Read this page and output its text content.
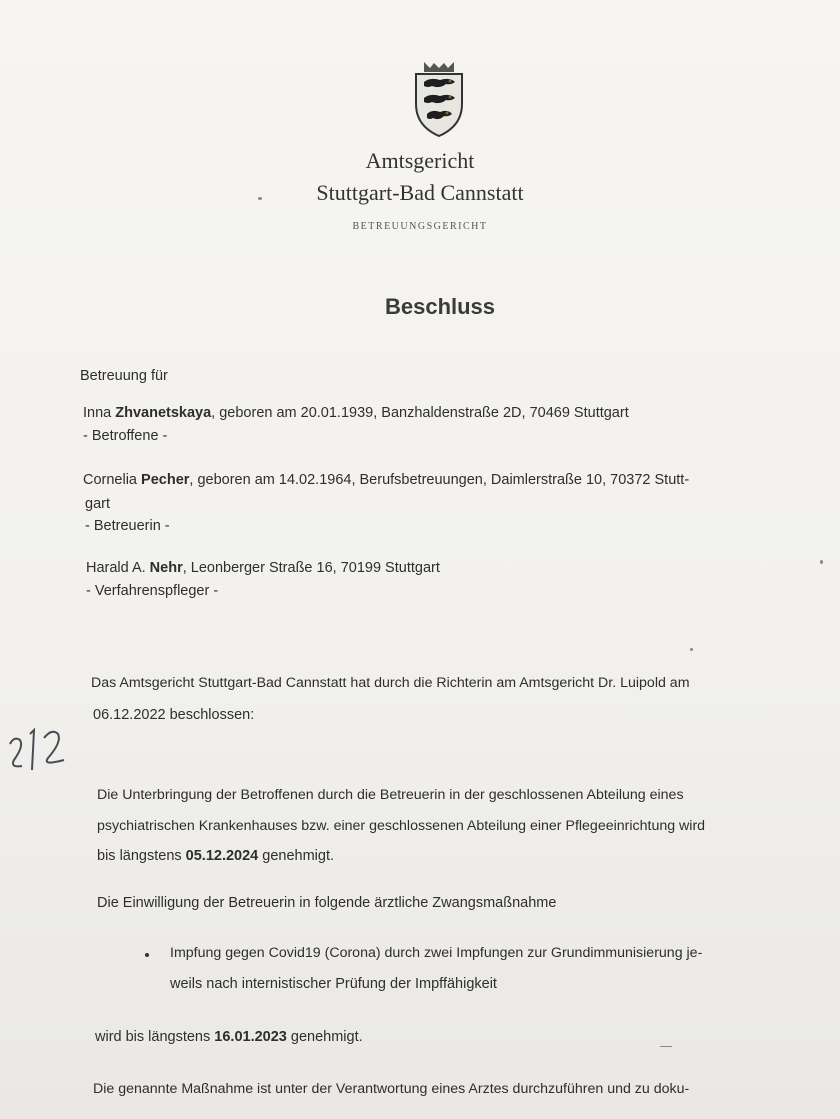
Amtsgericht
Stuttgart-Bad Cannstatt
BETREUUNGSGERICHT
Beschluss
Betreuung für
Inna Zhvanetskaya, geboren am 20.01.1939, Banzhaldenstraße 2D, 70469 Stuttgart
- Betroffene -
Cornelia Pecher, geboren am 14.02.1964, Berufsbetreuungen, Daimlerstraße 10, 70372 Stutt-
gart
- Betreuerin -
Harald A. Nehr, Leonberger Straße 16, 70199 Stuttgart
- Verfahrenspfleger -
Das Amtsgericht Stuttgart-Bad Cannstatt hat durch die Richterin am Amtsgericht Dr. Luipold am
06.12.2022 beschlossen:
Die Unterbringung der Betroffenen durch die Betreuerin in der geschlossenen Abteilung eines
psychiatrischen Krankenhauses bzw. einer geschlossenen Abteilung einer Pflegeeinrichtung wird
bis längstens 05.12.2024 genehmigt.
Die Einwilligung der Betreuerin in folgende ärztliche Zwangsmaßnahme
Impfung gegen Covid19 (Corona) durch zwei Impfungen zur Grundimmunisierung je-
weils nach internistischer Prüfung der Impffähigkeit
wird bis längstens 16.01.2023 genehmigt.
Die genannte Maßnahme ist unter der Verantwortung eines Arztes durchzuführen und zu doku-
